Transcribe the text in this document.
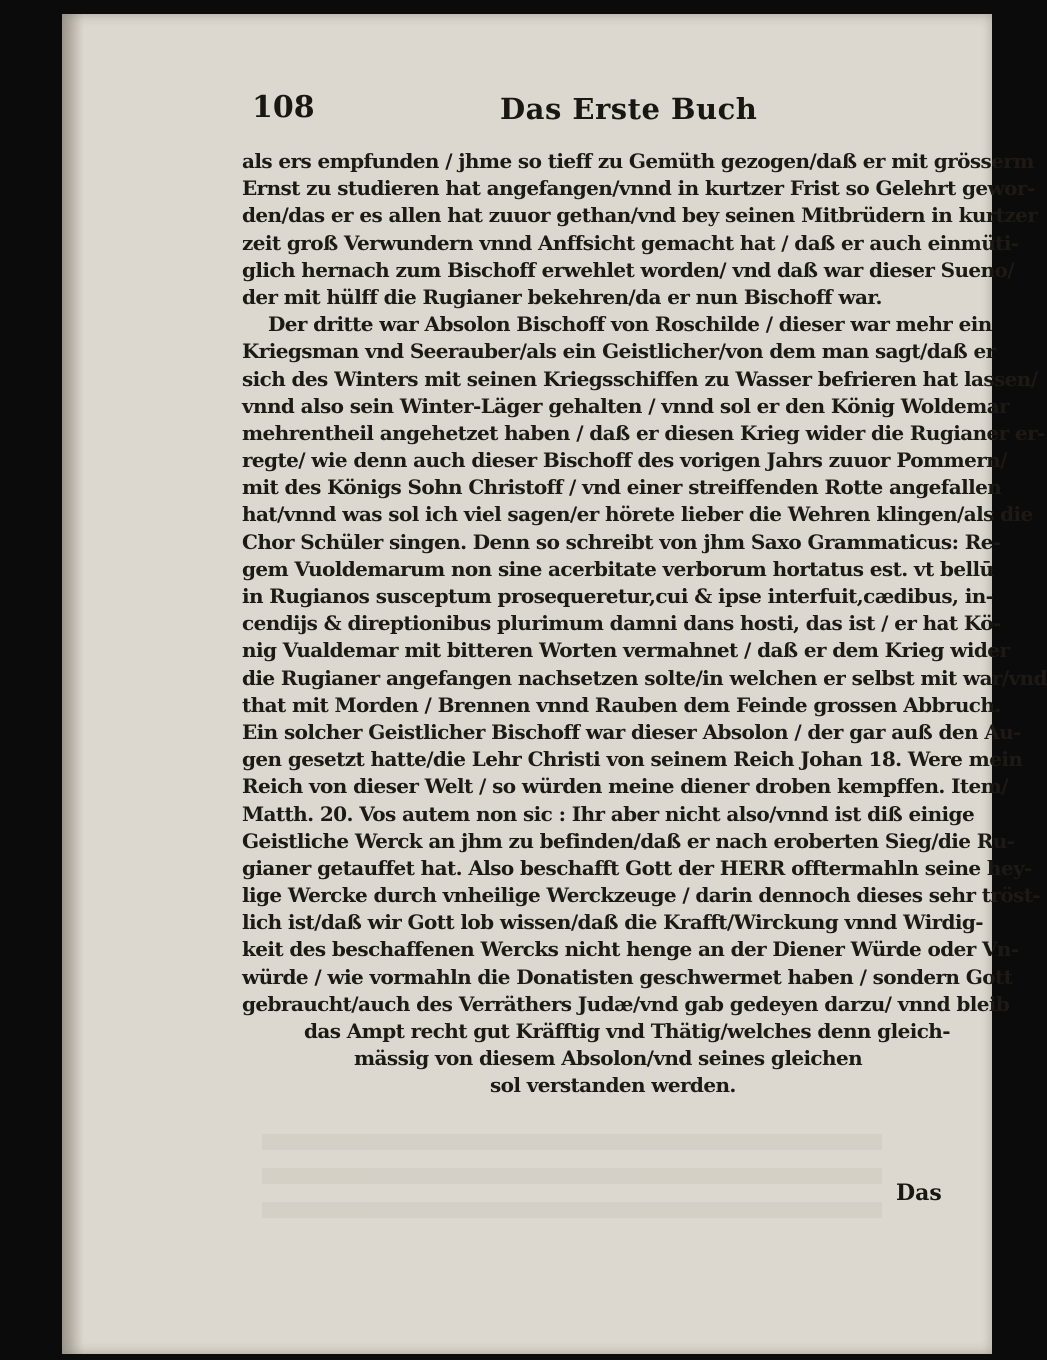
108	Das Erste Buch
als ers empfunden / jhme so tieff zu Gemüth gezogen/daß er mit grösserm
Ernst zu studieren hat angefangen/vnnd in kurtzer Frist so Gelehrt gewor-
den/das er es allen hat zuuor gethan/vnd bey seinen Mitbrüdern in kurtzer
zeit groß Verwundern vnnd Anffsicht gemacht hat / daß er auch einmüti-
glich hernach zum Bischoff erwehlet worden/ vnd daß war dieser Sueno/
der mit hülff die Rugianer bekehren/da er nun Bischoff war.
Der dritte war Absolon Bischoff von Roschilde / dieser war mehr ein
Kriegsman vnd Seerauber/als ein Geistlicher/von dem man sagt/daß er
sich des Winters mit seinen Kriegsschiffen zu Wasser befrieren hat lassen/
vnnd also sein Winter-Läger gehalten / vnnd sol er den König Woldemar
mehrentheil angehetzet haben / daß er diesen Krieg wider die Rugianer er-
regte/ wie denn auch dieser Bischoff des vorigen Jahrs zuuor Pommern/
mit des Königs Sohn Christoff / vnd einer streiffenden Rotte angefallen
hat/vnnd was sol ich viel sagen/er hörete lieber die Wehren klingen/als die
Chor Schüler singen. Denn so schreibt von jhm Saxo Grammaticus: Re-
gem Vuoldemarum non sine acerbitate verborum hortatus est. vt bellū
in Rugianos susceptum prosequeretur,cui & ipse interfuit,cædibus, in-
cendijs & direptionibus plurimum damni dans hosti, das ist / er hat Kö-
nig Vualdemar mit bitteren Worten vermahnet / daß er dem Krieg wider
die Rugianer angefangen nachsetzen solte/in welchen er selbst mit war/vnd
that mit Morden / Brennen vnnd Rauben dem Feinde grossen Abbruch.
Ein solcher Geistlicher Bischoff war dieser Absolon / der gar auß den Au-
gen gesetzt hatte/die Lehr Christi von seinem Reich Johan 18. Were mein
Reich von dieser Welt / so würden meine diener droben kempffen. Item/
Matth. 20. Vos autem non sic : Ihr aber nicht also/vnnd ist diß einige
Geistliche Werck an jhm zu befinden/daß er nach eroberten Sieg/die Ru-
gianer getauffet hat. Also beschafft Gott der HERR offtermahln seine hey-
lige Wercke durch vnheilige Werckzeuge / darin dennoch dieses sehr tröst-
lich ist/daß wir Gott lob wissen/daß die Krafft/Wirckung vnnd Wirdig-
keit des beschaffenen Wercks nicht henge an der Diener Würde oder Vn-
würde / wie vormahln die Donatisten geschwermet haben / sondern Gott
gebraucht/auch des Verräthers Judæ/vnd gab gedeyen darzu/ vnnd bleib
das Ampt recht gut Kräfftig vnd Thätig/welches denn gleich-
mässig von diesem Absolon/vnd seines gleichen
sol verstanden werden.
Das
